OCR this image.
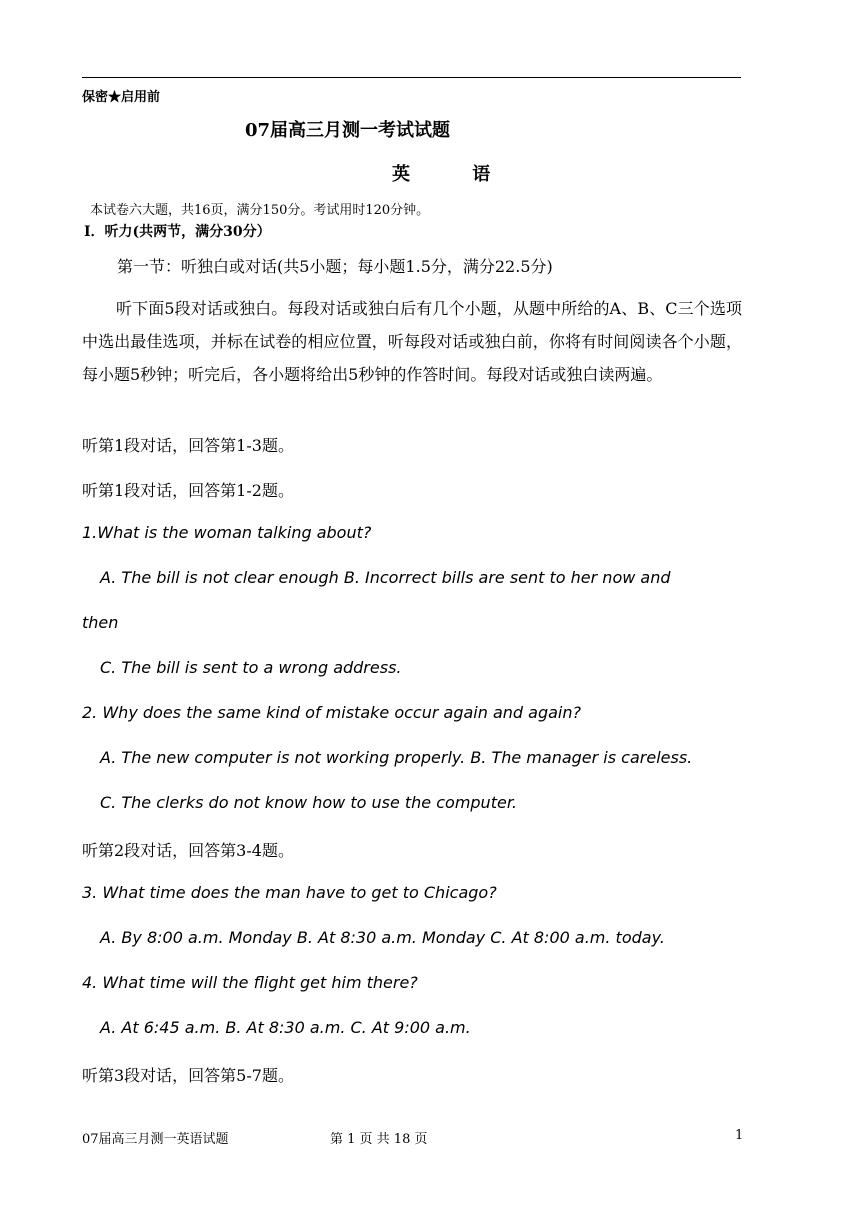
保密★启用前
07届高三月测一考试试题
英 语
本试卷六大题，共16页，满分150分。考试用时120分钟。
Ⅰ．听力(共两节，满分30分）
第一节：听独白或对话(共5小题；每小题1.5分，满分22.5分)
听下面5段对话或独白。每段对话或独白后有几个小题，从题中所给的A、B、C三个选项中选出最佳选项，并标在试卷的相应位置，听每段对话或独白前，你将有时间阅读各个小题，每小题5秒钟；听完后，各小题将给出5秒钟的作答时间。每段对话或独白读两遍。
听第1段对话，回答第1-3题。
听第1段对话，回答第1-2题。
1.What is the woman talking about?
A. The bill is not clear enough B. Incorrect bills are sent to her now and
then
C. The bill is sent to a wrong address.
2. Why does the same kind of mistake occur again and again?
A. The new computer is not working properly. B. The manager is careless.
C. The clerks do not know how to use the computer.
听第2段对话，回答第3-4题。
3. What time does the man have to get to Chicago?
A. By 8:00 a.m. Monday B. At 8:30 a.m. Monday C. At 8:00 a.m. today.
4. What time will the flight get him there?
A. At 6:45 a.m. B. At 8:30 a.m. C. At 9:00 a.m.
听第3段对话，回答第5-7题。
07届高三月测一英语试题	第 1 页 共 18 页	1
